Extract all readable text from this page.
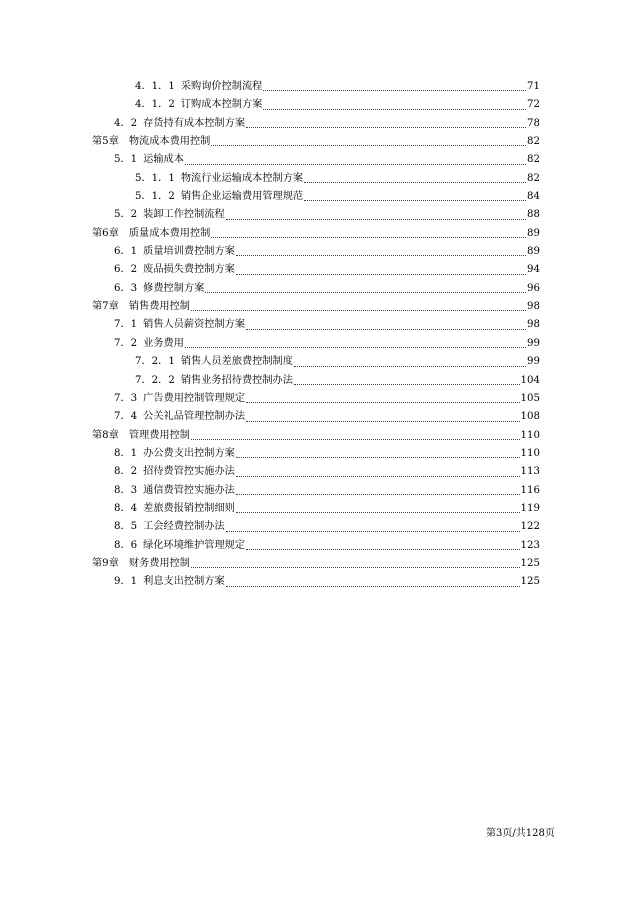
4．1．1 采购询价控制流程	71
4．1．2 订购成本控制方案	72
4．2 存货持有成本控制方案	78
第5章 物流成本费用控制	82
5．1 运输成本	82
5．1．1 物流行业运输成本控制方案	82
5．1．2 销售企业运输费用管理规范	84
5．2 装卸工作控制流程	88
第6章 质量成本费用控制	89
6．1 质量培训费控制方案	89
6．2 废品损失费控制方案	94
6．3 修费控制方案	96
第7章 销售费用控制	98
7．1 销售人员薪资控制方案	98
7．2 业务费用	99
7．2．1 销售人员差旅费控制制度	99
7．2．2 销售业务招待费控制办法	104
7．3 广告费用控制管理规定	105
7．4 公关礼品管理控制办法	108
第8章 管理费用控制	110
8．1 办公费支出控制方案	110
8．2 招待费管控实施办法	113
8．3 通信费管控实施办法	116
8．4 差旅费报销控制细则	119
8．5 工会经费控制办法	122
8．6 绿化环境维护管理规定	123
第9章 财务费用控制	125
9．1 利息支出控制方案	125
第3页/共128页
